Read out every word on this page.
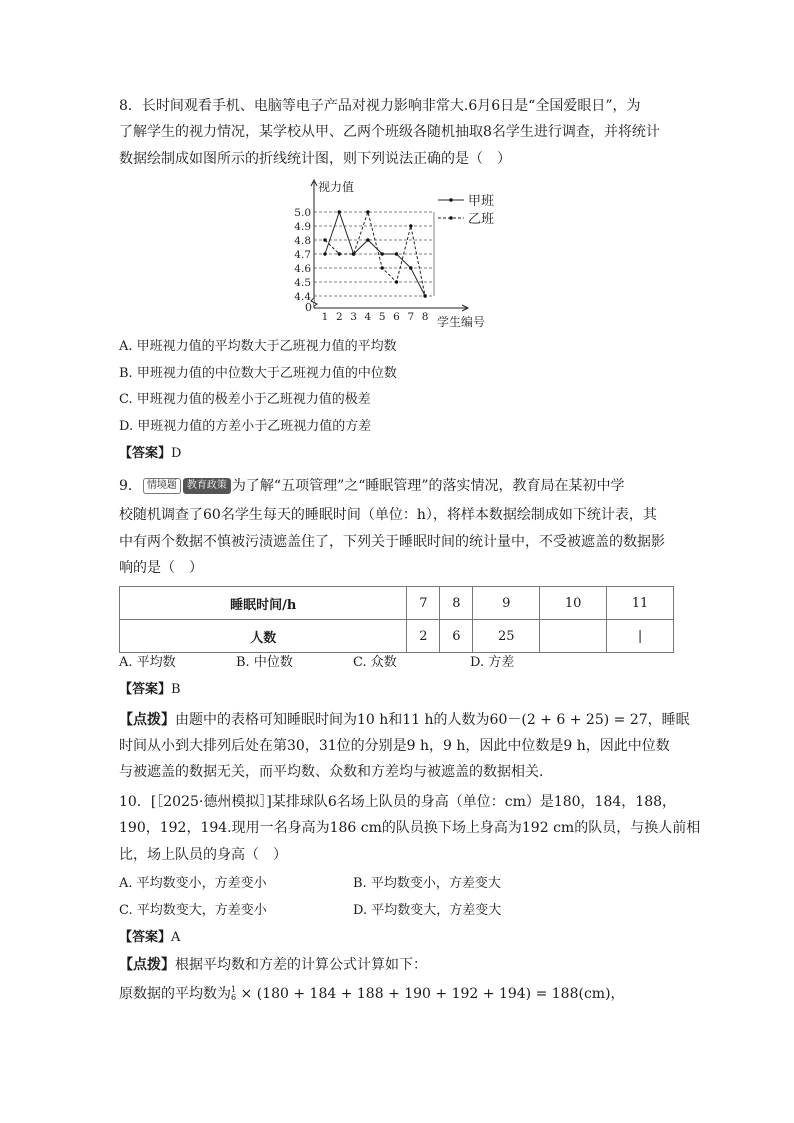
8．长时间观看手机、电脑等电子产品对视力影响非常大.6月6日是“全国爱眼日”，为
了解学生的视力情况，某学校从甲、乙两个班级各随机抽取8名学生进行调查，并将统计
数据绘制成如图所示的折线统计图，则下列说法正确的是（　）
视力值
学生编号
0
4.4
4.5
4.6
4.7
4.8
4.9
5.0
1 2 3 4 5 6 7 8
甲班
乙班
A. 甲班视力值的平均数大于乙班视力值的平均数
B. 甲班视力值的中位数大于乙班视力值的中位数
C. 甲班视力值的极差小于乙班视力值的极差
D. 甲班视力值的方差小于乙班视力值的方差
【答案】D
9． 情境题 教育政策 为了解“五项管理”之“睡眠管理”的落实情况，教育局在某初中学
校随机调查了60名学生每天的睡眠时间（单位：h），将样本数据绘制成如下统计表，其
中有两个数据不慎被污渍遮盖住了，下列关于睡眠时间的统计量中，不受被遮盖的数据影
响的是（　）
睡眠时间/h	7	8	9	10	11
人数	2	6	25		|
A. 平均数	B. 中位数	C. 众数	D. 方差
【答案】B
【点拨】由题中的表格可知睡眠时间为10 h和11 h的人数为60－(2 + 6 + 25) = 27，睡眠
时间从小到大排列后处在第30，31位的分别是9 h，9 h，因此中位数是9 h，因此中位数
与被遮盖的数据无关，而平均数、众数和方差均与被遮盖的数据相关.
10．[［2025·德州模拟］]某排球队6名场上队员的身高（单位：cm）是180，184，188，
190，192，194.现用一名身高为186 cm的队员换下场上身高为192 cm的队员，与换人前相
比，场上队员的身高（　）
A. 平均数变小，方差变小	B. 平均数变小，方差变大
C. 平均数变大，方差变小	D. 平均数变大，方差变大
【答案】A
【点拨】根据平均数和方差的计算公式计算如下：
原数据的平均数为 1
6 × (180 + 184 + 188 + 190 + 192 + 194) = 188(cm)，
